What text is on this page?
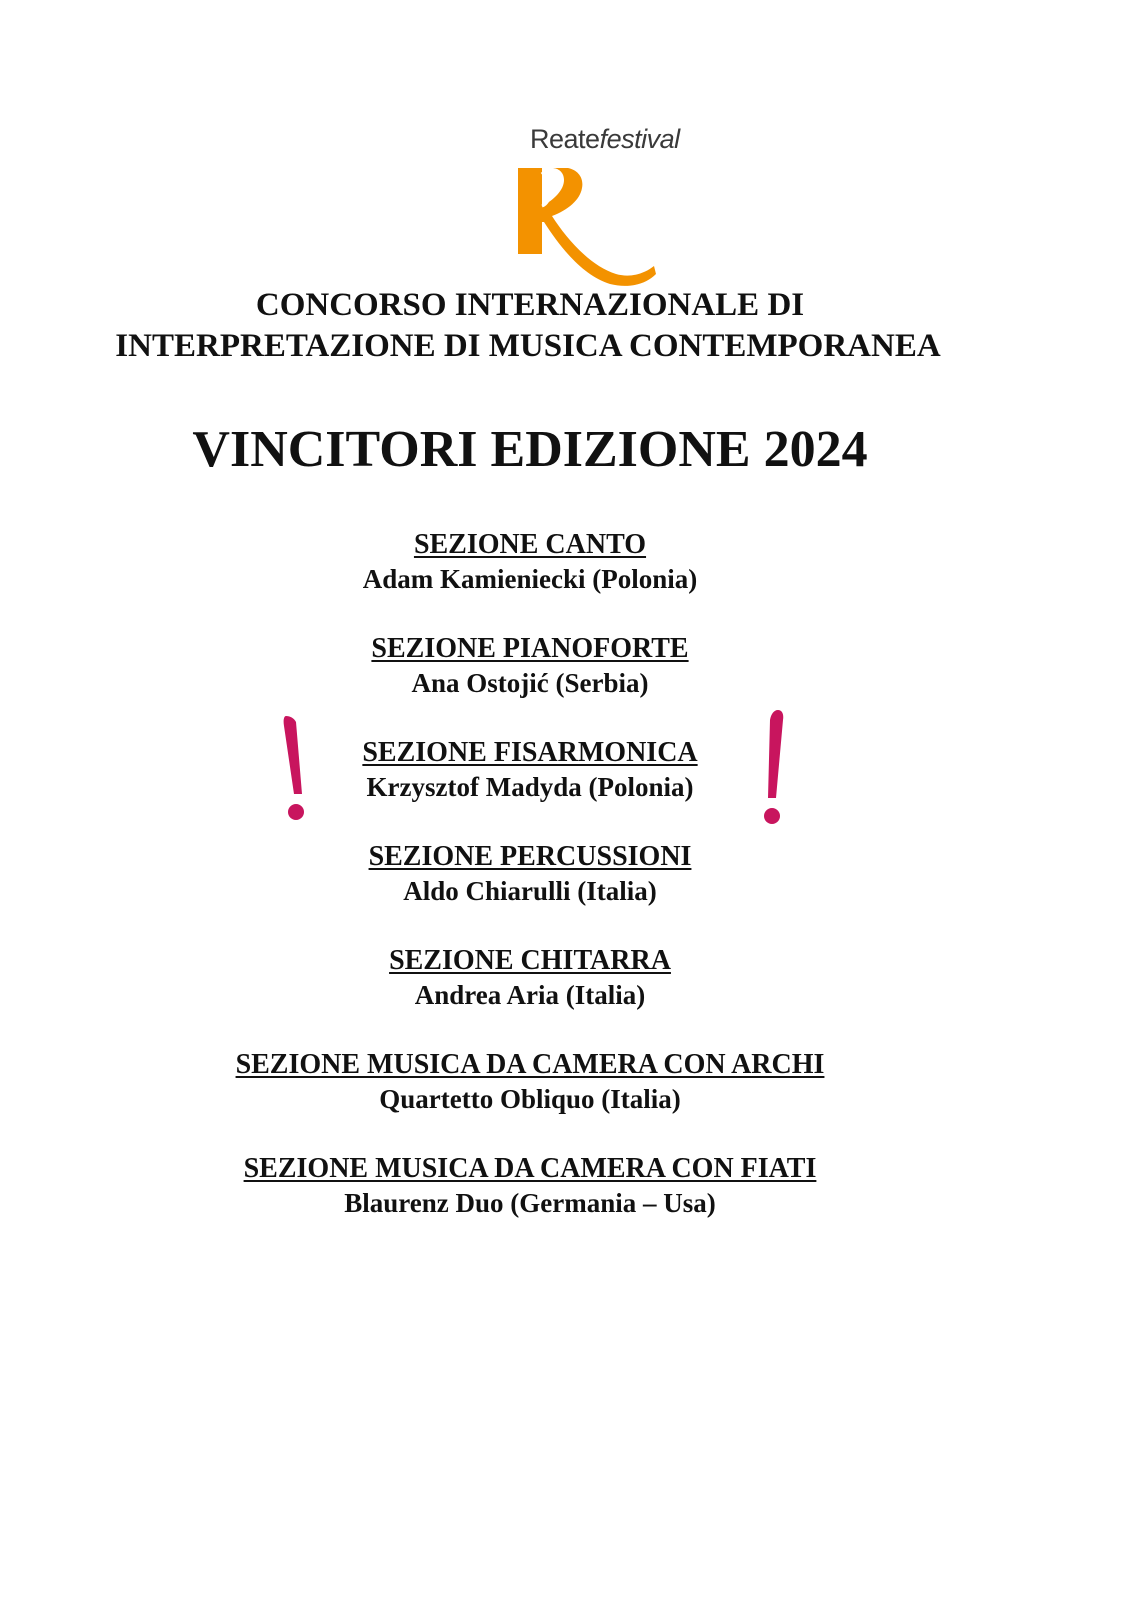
Reatefestival
CONCORSO INTERNAZIONALE DI
INTERPRETAZIONE DI MUSICA CONTEMPORANEA
VINCITORI EDIZIONE 2024
SEZIONE CANTO
Adam Kamieniecki (Polonia)
SEZIONE PIANOFORTE
Ana Ostojić (Serbia)
SEZIONE FISARMONICA
Krzysztof Madyda (Polonia)
SEZIONE PERCUSSIONI
Aldo Chiarulli (Italia)
SEZIONE CHITARRA
Andrea Aria (Italia)
SEZIONE MUSICA DA CAMERA CON ARCHI
Quartetto Obliquo (Italia)
SEZIONE MUSICA DA CAMERA CON FIATI
Blaurenz Duo (Germania – Usa)
